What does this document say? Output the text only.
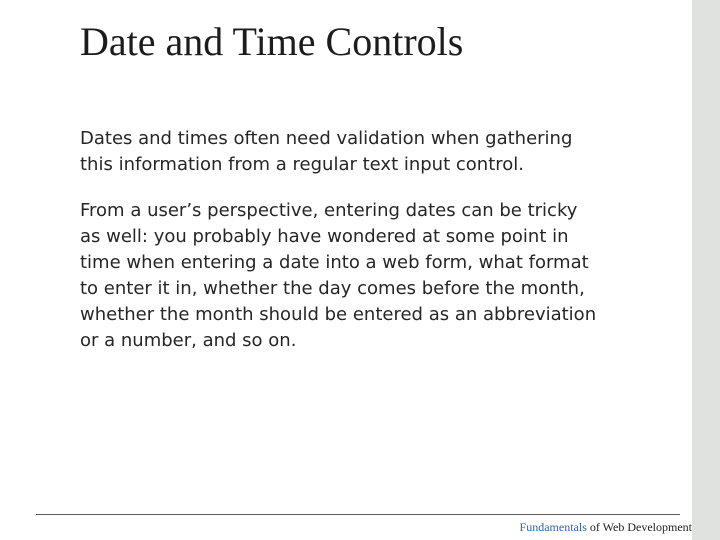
Date and Time Controls

Dates and times often need validation when gathering this information from a regular text input control.

From a user’s perspective, entering dates can be tricky as well: you probably have wondered at some point in time when entering a date into a web form, what format to enter it in, whether the day comes before the month, whether the month should be entered as an abbreviation or a number, and so on.

Fundamentals of Web Development
